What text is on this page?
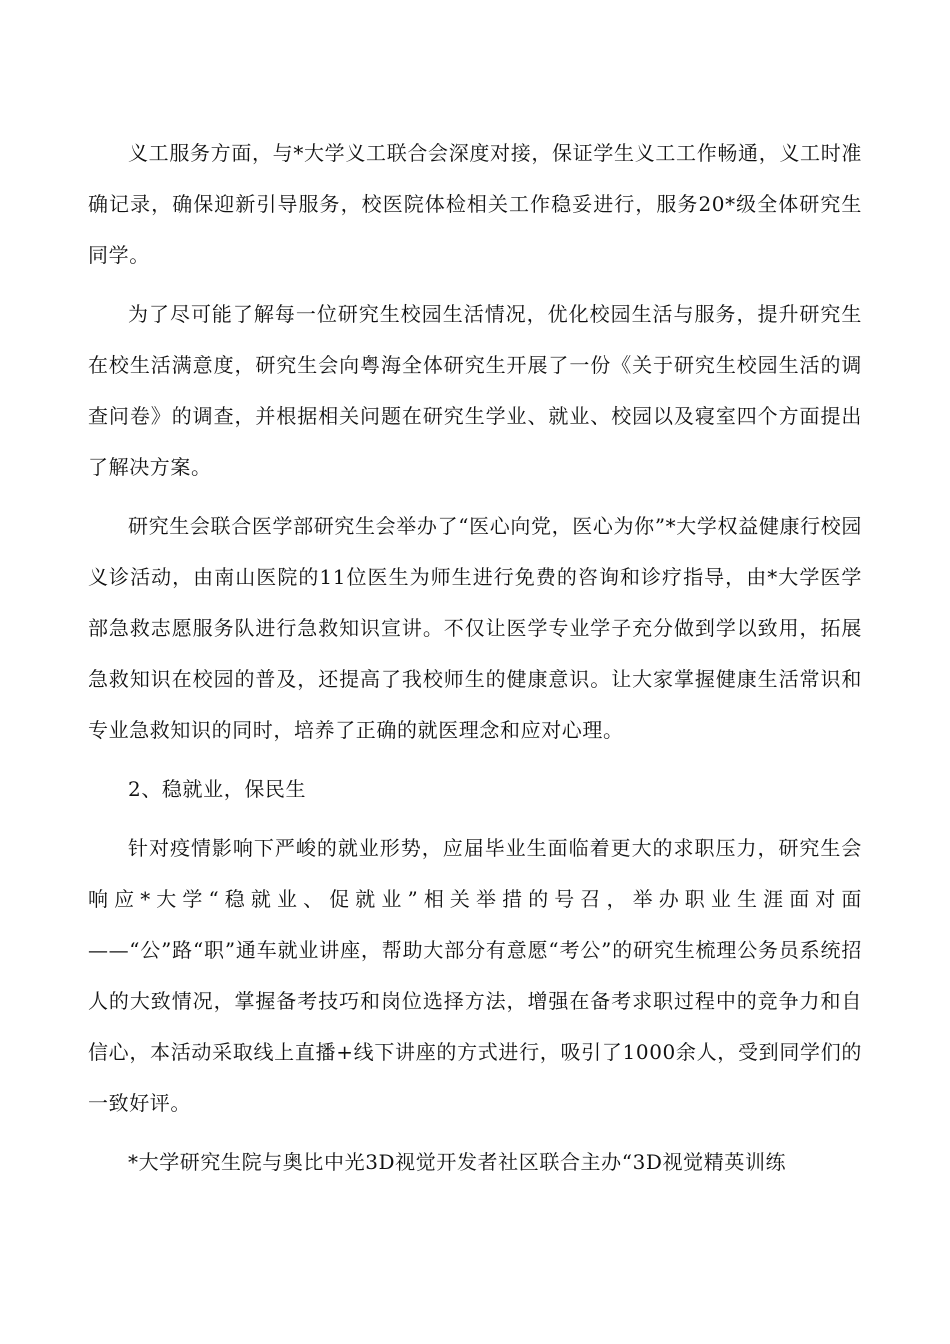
义工服务方面，与*大学义工联合会深度对接，保证学生义工工作畅通，义工时准确记录，确保迎新引导服务，校医院体检相关工作稳妥进行，服务20*级全体研究生同学。

为了尽可能了解每一位研究生校园生活情况，优化校园生活与服务，提升研究生在校生活满意度，研究生会向粤海全体研究生开展了一份《关于研究生校园生活的调查问卷》的调查，并根据相关问题在研究生学业、就业、校园以及寝室四个方面提出了解决方案。

研究生会联合医学部研究生会举办了“医心向党，医心为你”*大学权益健康行校园义诊活动，由南山医院的11位医生为师生进行免费的咨询和诊疗指导，由*大学医学部急救志愿服务队进行急救知识宣讲。不仅让医学专业学子充分做到学以致用，拓展急救知识在校园的普及，还提高了我校师生的健康意识。让大家掌握健康生活常识和专业急救知识的同时，培养了正确的就医理念和应对心理。

2、稳就业，保民生

针对疫情影响下严峻的就业形势，应届毕业生面临着更大的求职压力，研究生会响应*大学“稳就业、促就业”相关举措的号召，举办职业生涯面对面——“公”路“职”通车就业讲座，帮助大部分有意愿“考公”的研究生梳理公务员系统招人的大致情况，掌握备考技巧和岗位选择方法，增强在备考求职过程中的竞争力和自信心，本活动采取线上直播+线下讲座的方式进行，吸引了1000余人，受到同学们的一致好评。

*大学研究生院与奥比中光3D视觉开发者社区联合主办“3D视觉精英训练
